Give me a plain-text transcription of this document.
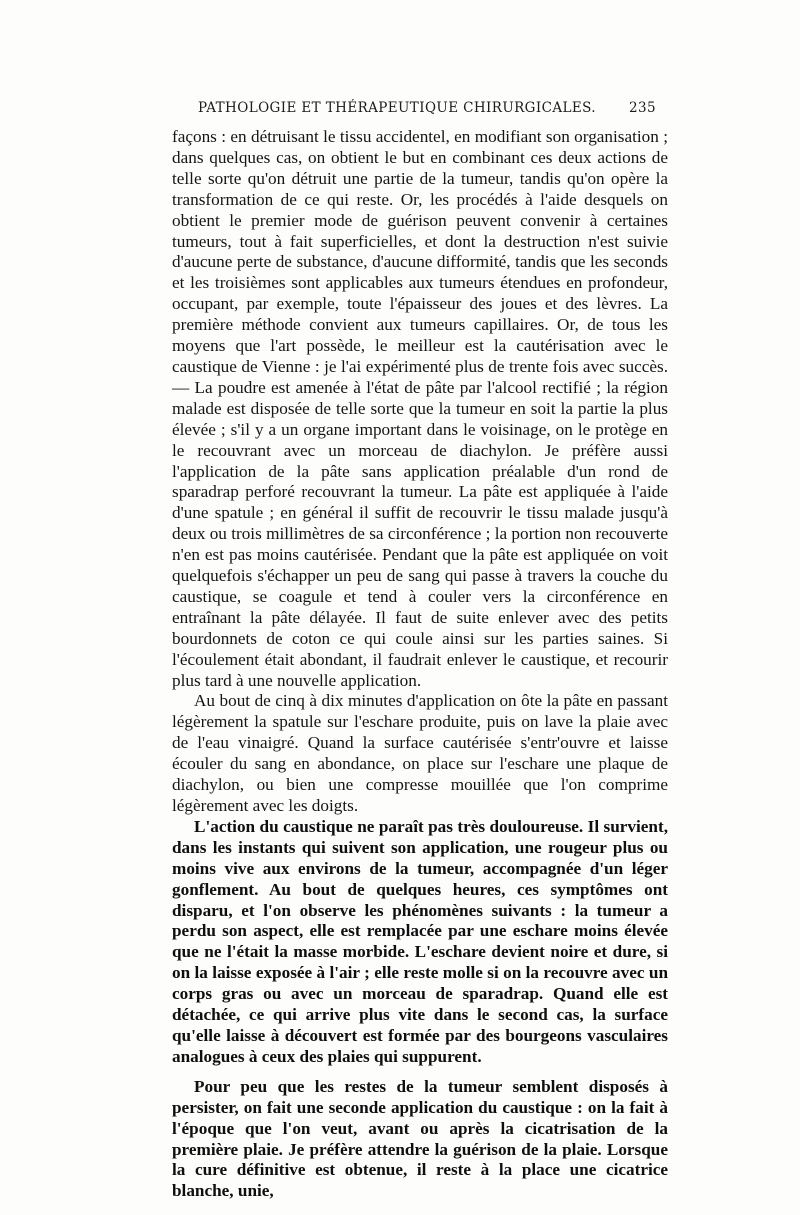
PATHOLOGIE ET THÉRAPEUTIQUE CHIRURGICALES. 235

façons : en détruisant le tissu accidentel, en modifiant son organisation ; dans quelques cas, on obtient le but en combinant ces deux actions de telle sorte qu'on détruit une partie de la tumeur, tandis qu'on opère la transformation de ce qui reste. Or, les procédés à l'aide desquels on obtient le premier mode de guérison peuvent convenir à certaines tumeurs, tout à fait superficielles, et dont la destruction n'est suivie d'aucune perte de substance, d'aucune difformité, tandis que les seconds et les troisièmes sont applicables aux tumeurs étendues en profondeur, occupant, par exemple, toute l'épaisseur des joues et des lèvres. La première méthode convient aux tumeurs capillaires. Or, de tous les moyens que l'art possède, le meilleur est la cautérisation avec le caustique de Vienne : je l'ai expérimenté plus de trente fois avec succès. — La poudre est amenée à l'état de pâte par l'alcool rectifié ; la région malade est disposée de telle sorte que la tumeur en soit la partie la plus élevée ; s'il y a un organe important dans le voisinage, on le protège en le recouvrant avec un morceau de diachylon. Je préfère aussi l'application de la pâte sans application préalable d'un rond de sparadrap perforé recouvrant la tumeur. La pâte est appliquée à l'aide d'une spatule ; en général il suffit de recouvrir le tissu malade jusqu'à deux ou trois millimètres de sa circonférence ; la portion non recouverte n'en est pas moins cautérisée. Pendant que la pâte est appliquée on voit quelquefois s'échapper un peu de sang qui passe à travers la couche du caustique, se coagule et tend à couler vers la circonférence en entraînant la pâte délayée. Il faut de suite enlever avec des petits bourdonnets de coton ce qui coule ainsi sur les parties saines. Si l'écoulement était abondant, il faudrait enlever le caustique, et recourir plus tard à une nouvelle application.

Au bout de cinq à dix minutes d'application on ôte la pâte en passant légèrement la spatule sur l'eschare produite, puis on lave la plaie avec de l'eau vinaigré. Quand la surface cautérisée s'entr'ouvre et laisse écouler du sang en abondance, on place sur l'eschare une plaque de diachylon, ou bien une compresse mouillée que l'on comprime légèrement avec les doigts.

L'action du caustique ne paraît pas très douloureuse. Il survient, dans les instants qui suivent son application, une rougeur plus ou moins vive aux environs de la tumeur, accompagnée d'un léger gonflement. Au bout de quelques heures, ces symptômes ont disparu, et l'on observe les phénomènes suivants : la tumeur a perdu son aspect, elle est remplacée par une eschare moins élevée que ne l'était la masse morbide. L'eschare devient noire et dure, si on la laisse exposée à l'air ; elle reste molle si on la recouvre avec un corps gras ou avec un morceau de sparadrap. Quand elle est détachée, ce qui arrive plus vite dans le second cas, la surface qu'elle laisse à découvert est formée par des bourgeons vasculaires analogues à ceux des plaies qui suppurent.

Pour peu que les restes de la tumeur semblent disposés à persister, on fait une seconde application du caustique : on la fait à l'époque que l'on veut, avant ou après la cicatrisation de la première plaie. Je préfère attendre la guérison de la plaie. Lorsque la cure définitive est obtenue, il reste à la place une cicatrice blanche, unie,
